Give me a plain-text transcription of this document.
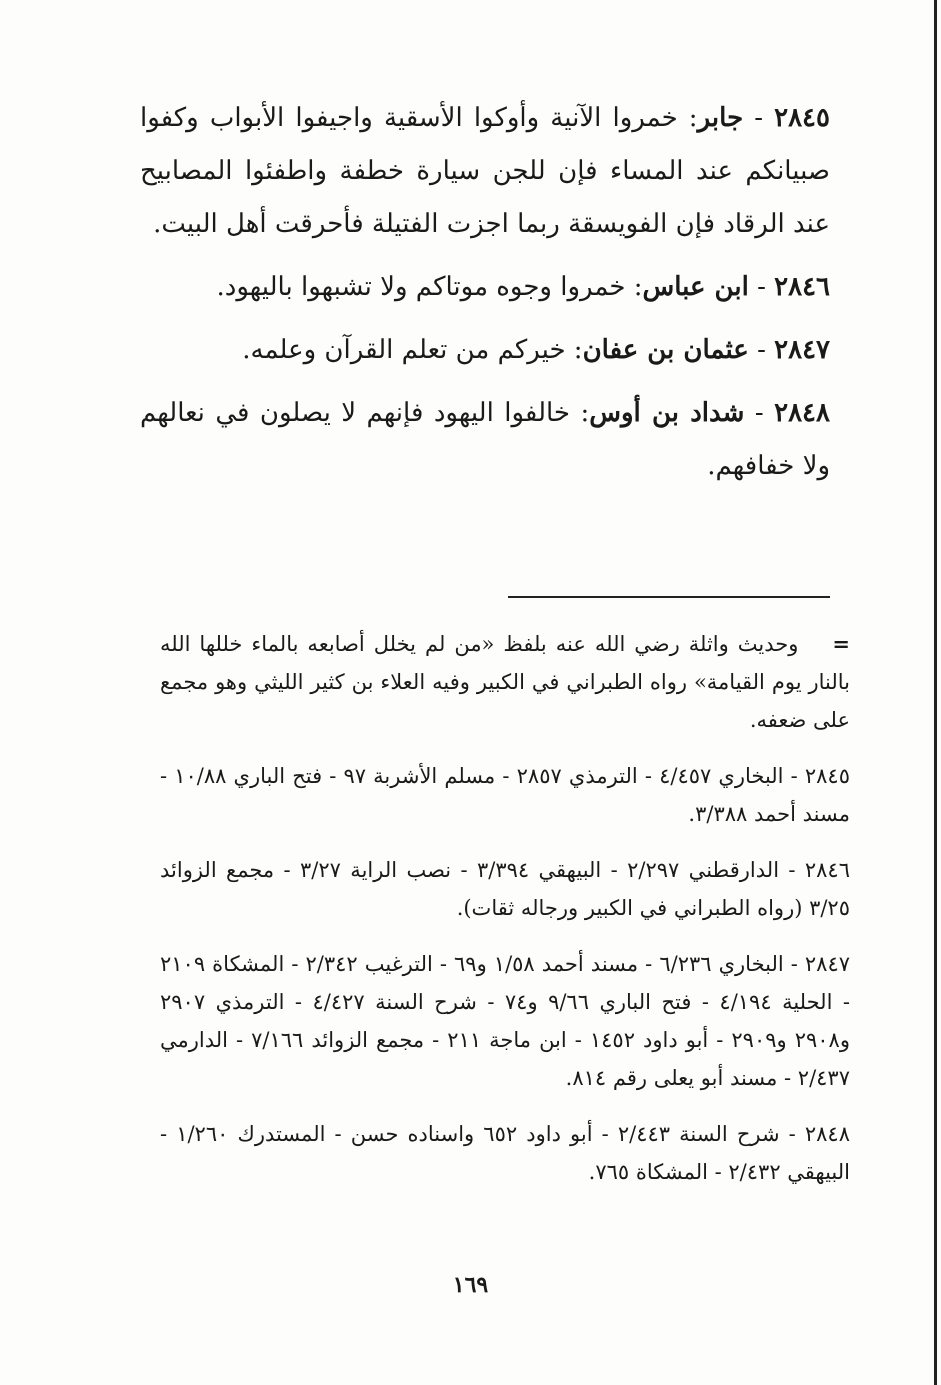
٢٨٤٥ - جابر: خمروا الآنية وأوكوا الأسقية واجيفوا الأبواب وكفوا صبيانكم عند المساء فإن للجن سيارة خطفة واطفئوا المصابيح عند الرقاد فإن الفويسقة ربما اجزت الفتيلة فأحرقت أهل البيت.

٢٨٤٦ - ابن عباس: خمروا وجوه موتاكم ولا تشبهوا باليهود.

٢٨٤٧ - عثمان بن عفان: خيركم من تعلم القرآن وعلمه.

٢٨٤٨ - شداد بن أوس: خالفوا اليهود فإنهم لا يصلون في نعالهم ولا خفافهم.

=وحديث واثلة رضي الله عنه بلفظ «من لم يخلل أصابعه بالماء خللها الله بالنار يوم القيامة» رواه الطبراني في الكبير وفيه العلاء بن كثير الليثي وهو مجمع على ضعفه.

٢٨٤٥ - البخاري ٤/٤٥٧ - الترمذي ٢٨٥٧ - مسلم الأشربة ٩٧ - فتح الباري ١٠/٨٨ - مسند أحمد ٣/٣٨٨.

٢٨٤٦ - الدارقطني ٢/٢٩٧ - البيهقي ٣/٣٩٤ - نصب الراية ٣/٢٧ - مجمع الزوائد ٣/٢٥ (رواه الطبراني في الكبير ورجاله ثقات).

٢٨٤٧ - البخاري ٦/٢٣٦ - مسند أحمد ١/٥٨ و٦٩ - الترغيب ٢/٣٤٢ - المشكاة ٢١٠٩ - الحلية ٤/١٩٤ - فتح الباري ٩/٦٦ و٧٤ - شرح السنة ٤/٤٢٧ - الترمذي ٢٩٠٧ و٢٩٠٨ و٢٩٠٩ - أبو داود ١٤٥٢ - ابن ماجة ٢١١ - مجمع الزوائد ٧/١٦٦ - الدارمي ٢/٤٣٧ - مسند أبو يعلى رقم ٨١٤.

٢٨٤٨ - شرح السنة ٢/٤٤٣ - أبو داود ٦٥٢ واسناده حسن - المستدرك ١/٢٦٠ - البيهقي ٢/٤٣٢ - المشكاة ٧٦٥.

١٦٩
